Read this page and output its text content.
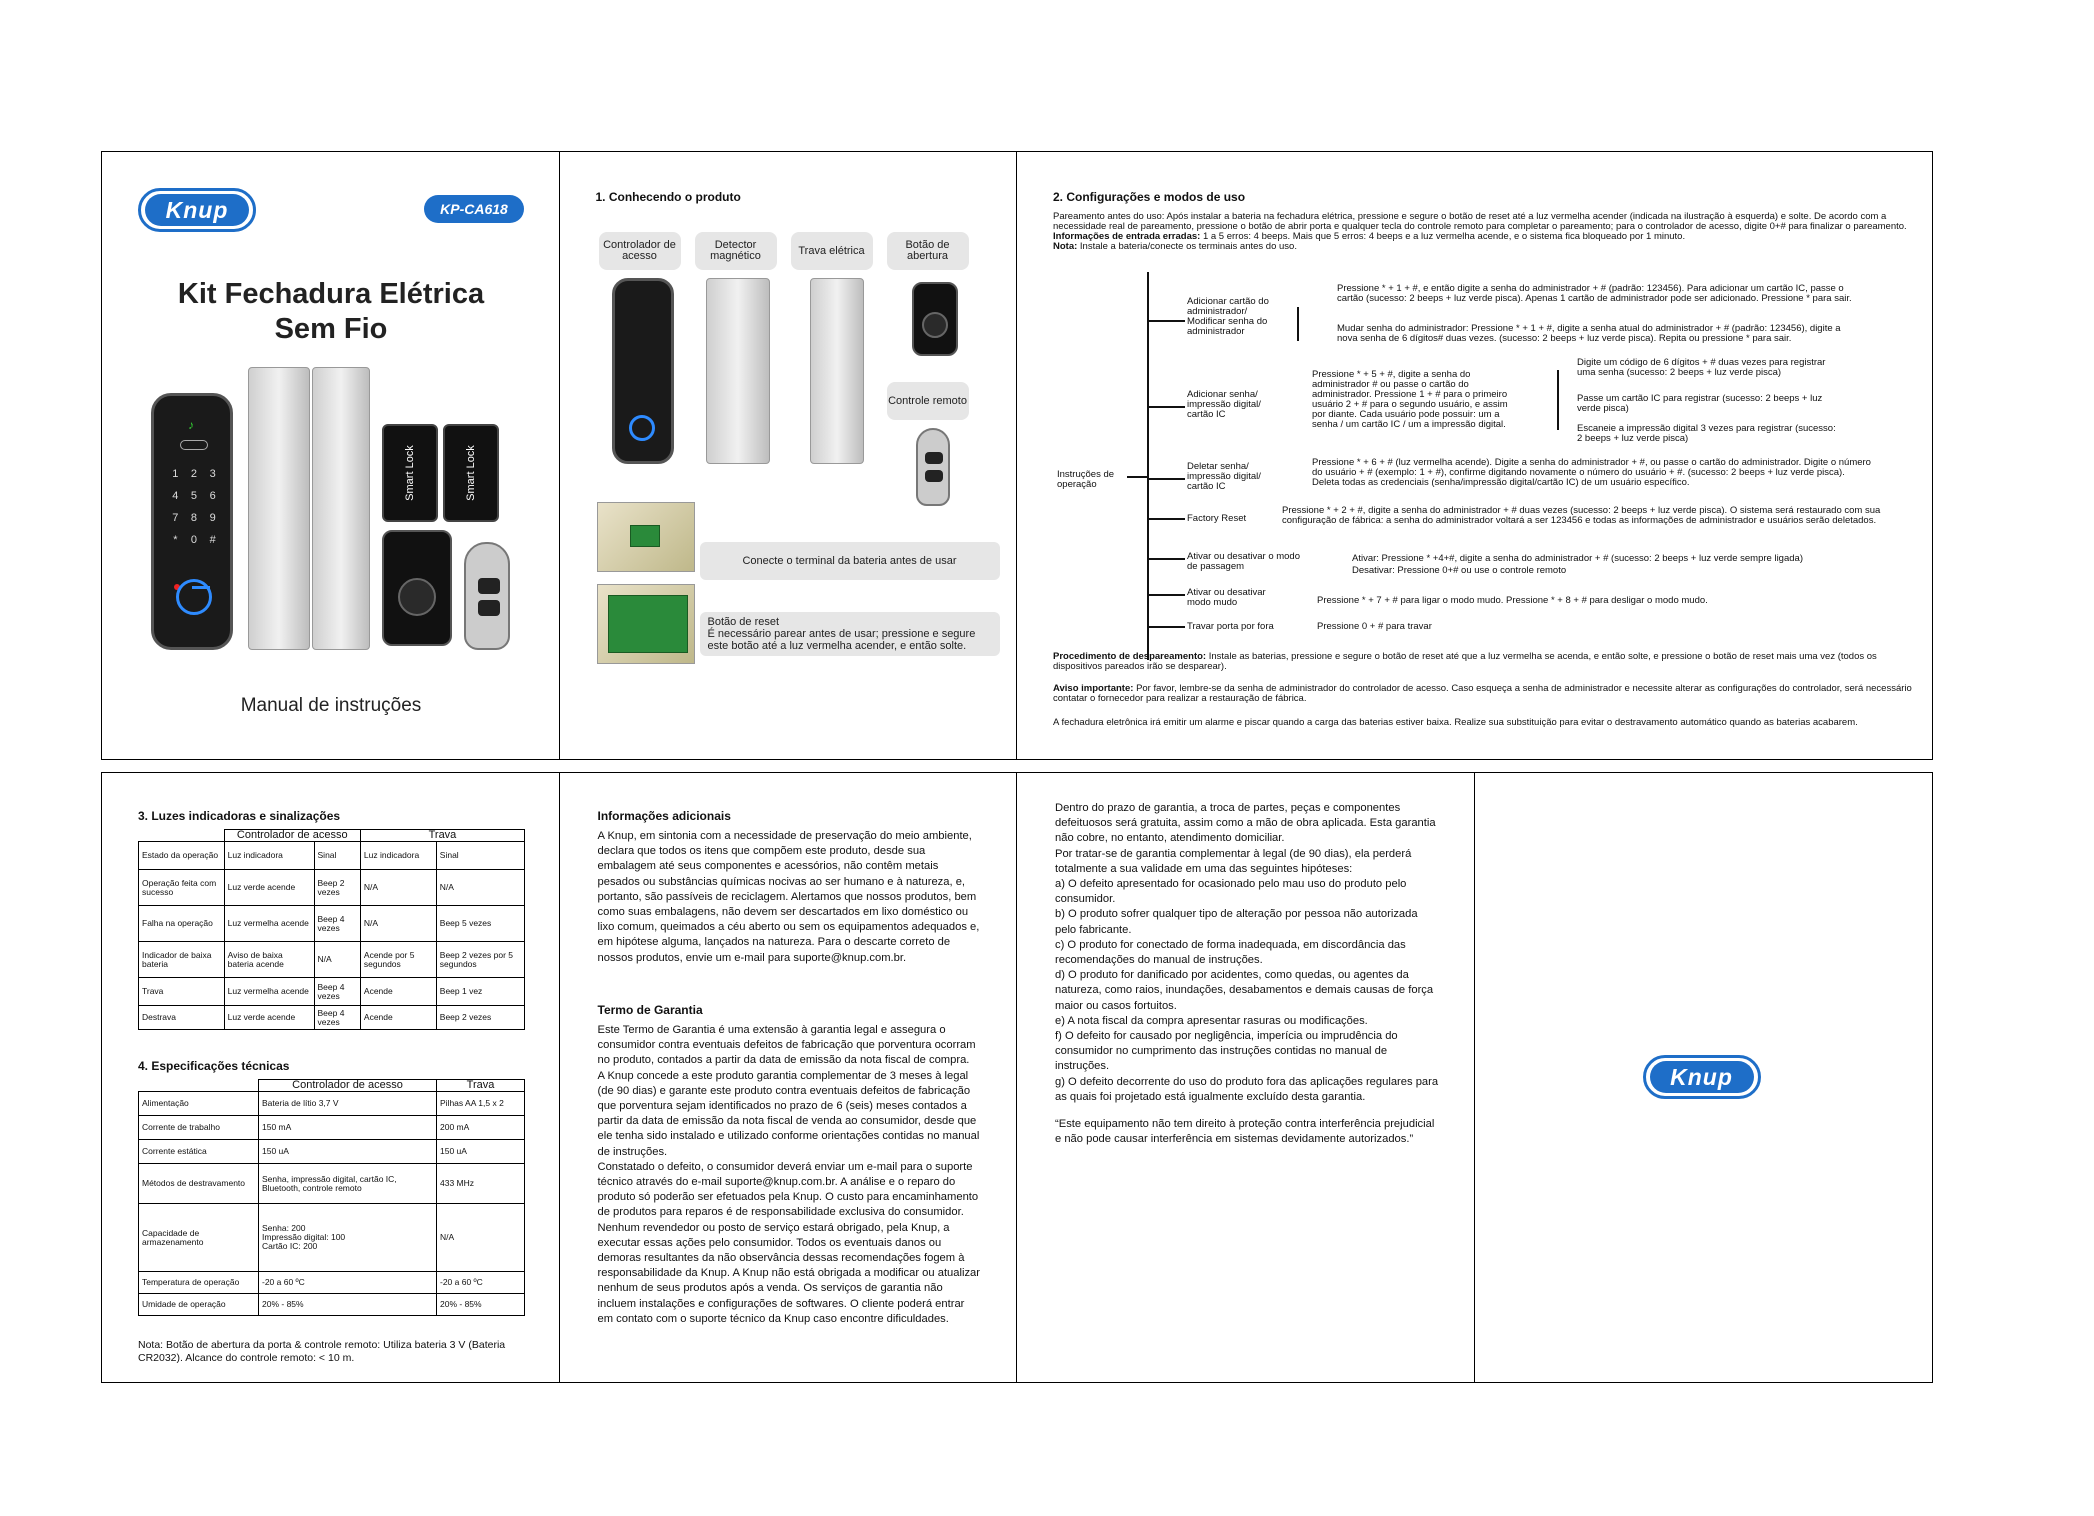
Knup	KP-CA618
Kit Fechadura Elétrica
Sem Fio
♪
1	2	3
4	5	6
7	8	9
*	0	#
Smart Lock	Smart Lock
Manual de instruções
1. Conhecendo o produto
Controlador de acesso
Detector magnético	Trava elétrica	Botão de abertura
Controle remoto
Conecte o terminal da bateria antes de usar
Botão de reset
É necessário parear antes de usar; pressione e segure este botão até a luz vermelha acender, e então solte.
2. Configurações e modos de uso
Pareamento antes do uso: Após instalar a bateria na fechadura elétrica, pressione e segure o botão de reset até a luz vermelha acender (indicada na ilustração à esquerda) e solte. De acordo com a necessidade real de pareamento, pressione o botão de abrir porta e qualquer tecla do controle remoto para completar o pareamento; para o controlador de acesso, digite 0+# para finalizar o pareamento.
Informações de entrada erradas: 1 a 5 erros: 4 beeps. Mais que 5 erros: 4 beeps e a luz vermelha acende, e o sistema fica bloqueado por 1 minuto.
Nota: Instale a bateria/conecte os terminais antes do uso.
Instruções de operação
Adicionar cartão do administrador/ Modificar senha do administrador
Pressione * + 1 + #, e então digite a senha do administrador + # (padrão: 123456). Para adicionar um cartão IC, passe o cartão (sucesso: 2 beeps + luz verde pisca). Apenas 1 cartão de administrador pode ser adicionado. Pressione * para sair.
Mudar senha do administrador: Pressione * + 1 + #, digite a senha atual do administrador + # (padrão: 123456), digite a nova senha de 6 dígitos# duas vezes. (sucesso: 2 beeps + luz verde pisca). Repita ou pressione * para sair.
Adicionar senha/ impressão digital/ cartão IC
Pressione * + 5 + #, digite a senha do administrador # ou passe o cartão do administrador. Pressione 1 + # para o primeiro usuário 2 + # para o segundo usuário, e assim por diante. Cada usuário pode possuir: um a senha / um cartão IC / um a impressão digital.
Digite um código de 6 dígitos + # duas vezes para registrar uma senha (sucesso: 2 beeps + luz verde pisca)
Passe um cartão IC para registrar (sucesso: 2 beeps + luz verde pisca)
Escaneie a impressão digital 3 vezes para registrar (sucesso: 2 beeps + luz verde pisca)
Deletar senha/ impressão digital/ cartão IC
Pressione * + 6 + # (luz vermelha acende). Digite a senha do administrador + #, ou passe o cartão do administrador. Digite o número do usuário + # (exemplo: 1 + #), confirme digitando novamente o número do usuário + #. (sucesso: 2 beeps + luz verde pisca). Deleta todas as credenciais (senha/impressão digital/cartão IC) de um usuário específico.
Factory Reset
Pressione * + 2 + #, digite a senha do administrador + # duas vezes (sucesso: 2 beeps + luz verde pisca). O sistema será restaurado com sua configuração de fábrica: a senha do administrador voltará a ser 123456 e todas as informações de administrador e usuários serão deletados.
Ativar ou desativar o modo de passagem
Ativar: Pressione * +4+#, digite a senha do administrador + # (sucesso: 2 beeps + luz verde sempre ligada)
Desativar: Pressione 0+# ou use o controle remoto
Ativar ou desativar modo mudo	Pressione * + 7 + # para ligar o modo mudo. Pressione * + 8 + # para desligar o modo mudo.
Travar porta por fora	Pressione 0 + # para travar
Procedimento de despareamento: Instale as baterias, pressione e segure o botão de reset até que a luz vermelha se acenda, e então solte, e pressione o botão de reset mais uma vez (todos os dispositivos pareados irão se desparear).
Aviso importante: Por favor, lembre-se da senha de administrador do controlador de acesso. Caso esqueça a senha de administrador e necessite alterar as configurações do controlador, será necessário contatar o fornecedor para realizar a restauração de fábrica.
A fechadura eletrônica irá emitir um alarme e piscar quando a carga das baterias estiver baixa. Realize sua substituição para evitar o destravamento automático quando as baterias acabarem.
3. Luzes indicadoras e sinalizações
	Controlador de acesso		Trava	
Estado da operação	Luz indicadora	Sinal	Luz indicadora	Sinal
Operação feita com sucesso	Luz verde acende	Beep 2 vezes	N/A	N/A
Falha na operação	Luz vermelha acende	Beep 4 vezes	N/A	Beep 5 vezes
Indicador de baixa bateria	Aviso de baixa bateria acende	N/A	Acende por 5 segundos	Beep 2 vezes por 5 segundos
Trava	Luz vermelha acende	Beep 4 vezes	Acende	Beep 1 vez
Destrava	Luz verde acende	Beep 4 vezes	Acende	Beep 2 vezes
4. Especificações técnicas
	Controlador de acesso	Trava
Alimentação	Bateria de lítio 3,7 V	Pilhas AA 1,5 x 2
Corrente de trabalho	150 mA	200 mA
Corrente estática	150 uA	150 uA
Métodos de destravamento	Senha, impressão digital, cartão IC, Bluetooth, controle remoto	433 MHz
Capacidade de armazenamento	Senha: 200
Impressão digital: 100
Cartão IC: 200	N/A
Temperatura de operação	-20 a 60 ºC	-20 a 60 ºC
Umidade de operação	20% - 85%	20% - 85%
Nota: Botão de abertura da porta & controle remoto: Utiliza bateria 3 V (Bateria CR2032). Alcance do controle remoto: < 10 m.
Informações adicionais
A Knup, em sintonia com a necessidade de preservação do meio ambiente, declara que todos os itens que compõem este produto, desde sua embalagem até seus componentes e acessórios, não contêm metais pesados ou substâncias químicas nocivas ao ser humano e à natureza, e, portanto, são passíveis de reciclagem. Alertamos que nossos produtos, bem como suas embalagens, não devem ser descartados em lixo doméstico ou lixo comum, queimados a céu aberto ou sem os equipamentos adequados e, em hipótese alguma, lançados na natureza. Para o descarte correto de nossos produtos, envie um e-mail para suporte@knup.com.br.
Termo de Garantia

Este Termo de Garantia é uma extensão à garantia legal e assegura o consumidor contra eventuais defeitos de fabricação que porventura ocorram no produto, contados a partir da data de emissão da nota fiscal de compra.

A Knup concede a este produto garantia complementar de 3 meses à legal (de 90 dias) e garante este produto contra eventuais defeitos de fabricação que porventura sejam identificados no prazo de 6 (seis) meses contados a partir da data de emissão da nota fiscal de venda ao consumidor, desde que ele tenha sido instalado e utilizado conforme orientações contidas no manual de instruções.

Constatado o defeito, o consumidor deverá enviar um e-mail para o suporte técnico através do e-mail suporte@knup.com.br. A análise e o reparo do produto só poderão ser efetuados pela Knup. O custo para encaminhamento de produtos para reparos é de responsabilidade exclusiva do consumidor. Nenhum revendedor ou posto de serviço estará obrigado, pela Knup, a executar essas ações pelo consumidor. Todos os eventuais danos ou demoras resultantes da não observância dessas recomendações fogem à responsabilidade da Knup. A Knup não está obrigada a modificar ou atualizar nenhum de seus produtos após a venda. Os serviços de garantia não incluem instalações e configurações de softwares. O cliente poderá entrar em contato com o suporte técnico da Knup caso encontre dificuldades.

Dentro do prazo de garantia, a troca de partes, peças e componentes defeituosos será gratuita, assim como a mão de obra aplicada. Esta garantia não cobre, no entanto, atendimento domiciliar.

Por tratar-se de garantia complementar à legal (de 90 dias), ela perderá totalmente a sua validade em uma das seguintes hipóteses:

a) O defeito apresentado for ocasionado pelo mau uso do produto pelo consumidor.

b) O produto sofrer qualquer tipo de alteração por pessoa não autorizada pelo fabricante.

c) O produto for conectado de forma inadequada, em discordância das recomendações do manual de instruções.

d) O produto for danificado por acidentes, como quedas, ou agentes da natureza, como raios, inundações, desabamentos e demais causas de força maior ou casos fortuitos.

e) A nota fiscal da compra apresentar rasuras ou modificações.

f) O defeito for causado por negligência, imperícia ou imprudência do consumidor no cumprimento das instruções contidas no manual de instruções.

g) O defeito decorrente do uso do produto fora das aplicações regulares para as quais foi projetado está igualmente excluído desta garantia.

“Este equipamento não tem direito à proteção contra interferência prejudicial e não pode causar interferência em sistemas devidamente autorizados.”

Knup
